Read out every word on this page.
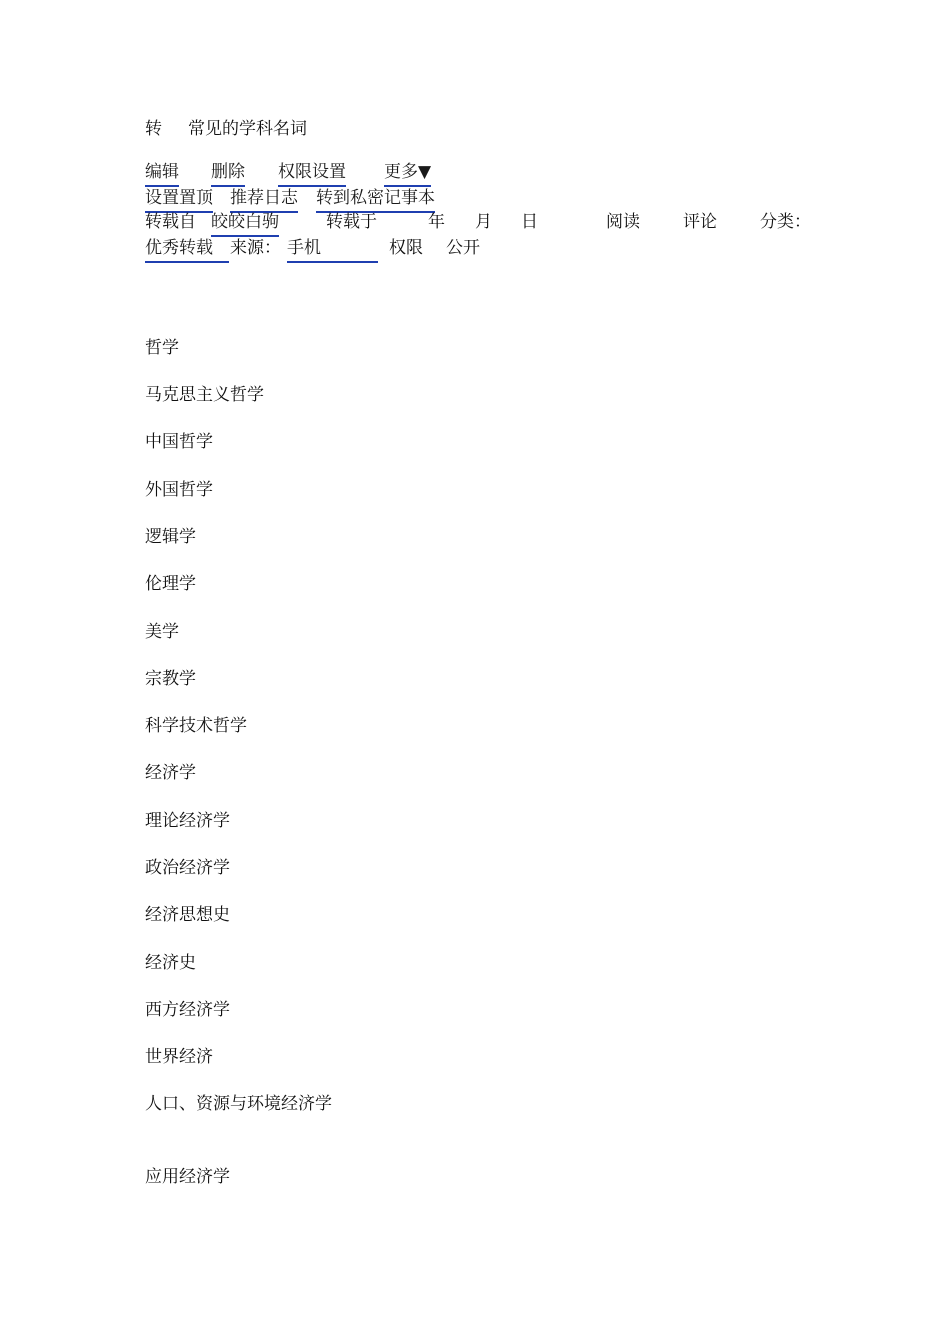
转 常见的学科名词
编辑 删除 权限设置 更多▼
设置置顶 推荐日志 转到私密记事本
转载自 皎皎白驹	转载于	年 月 日	阅读	评论	分类：
优秀转载	来源： 手机	权限 公开
哲学
马克思主义哲学
中国哲学
外国哲学
逻辑学
伦理学
美学
宗教学
科学技术哲学
经济学
理论经济学
政治经济学
经济思想史
经济史
西方经济学
世界经济
人口、资源与环境经济学
应用经济学
